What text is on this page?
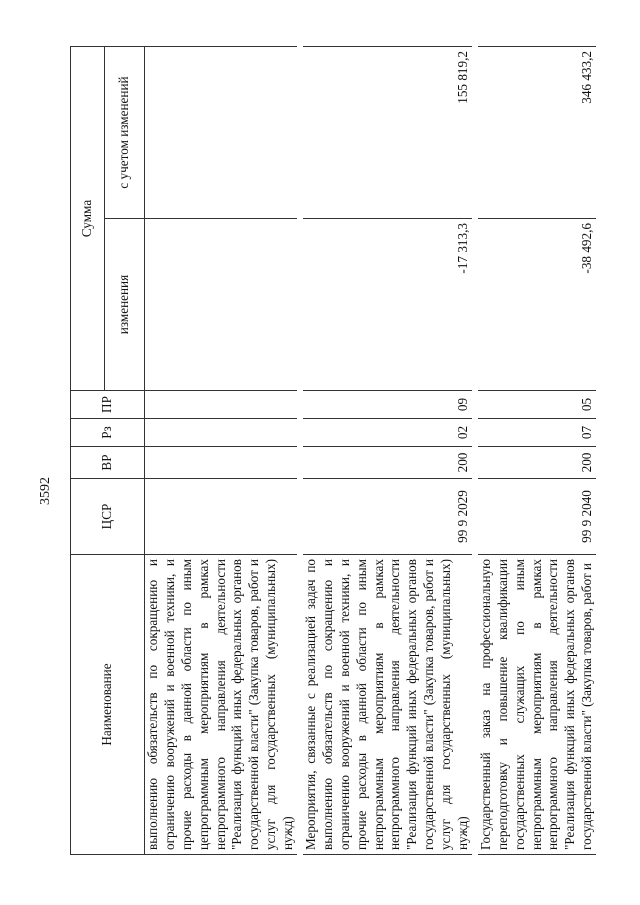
3592
Наименование	ЦСР	ВР	Рз	ПР	Сумма	
					изменения	с учетом изменений
выполнению обязательств по сокращению и ограничению вооружений и военной техники, и прочие расходы в данной области по иным цепрограммным мероприятиям в рамках непрограммного направления деятельности "Реализация функций иных федеральных органов государственной власти" (Закупка товаров, работ и услуг для государственных (муниципальных) нужд)						
Мероприятия, связанные с реализацией задач по выполнению обязательств по сокращению и ограничению вооружений и военной техники, и прочие расходы в данной области по иным непрограммным мероприятиям в рамках непрограммного направления деятельности "Реализация функций иных федеральных органов государственной власти" (Закупка товаров, работ и услуг для государственных (муниципальных) нужд)	99 9 2029	200	02	09	-17 313,3	155 819,2
Государственный заказ на профессиональную переподготовку и повышение квалификации государственных служащих по иным непрограммным мероприятиям в рамках непрограммного направления деятельности "Реализация функций иных федеральных органов государственной власти" (Закупка товаров, работ и	99 9 2040	200	07	05	-38 492,6	346 433,2
